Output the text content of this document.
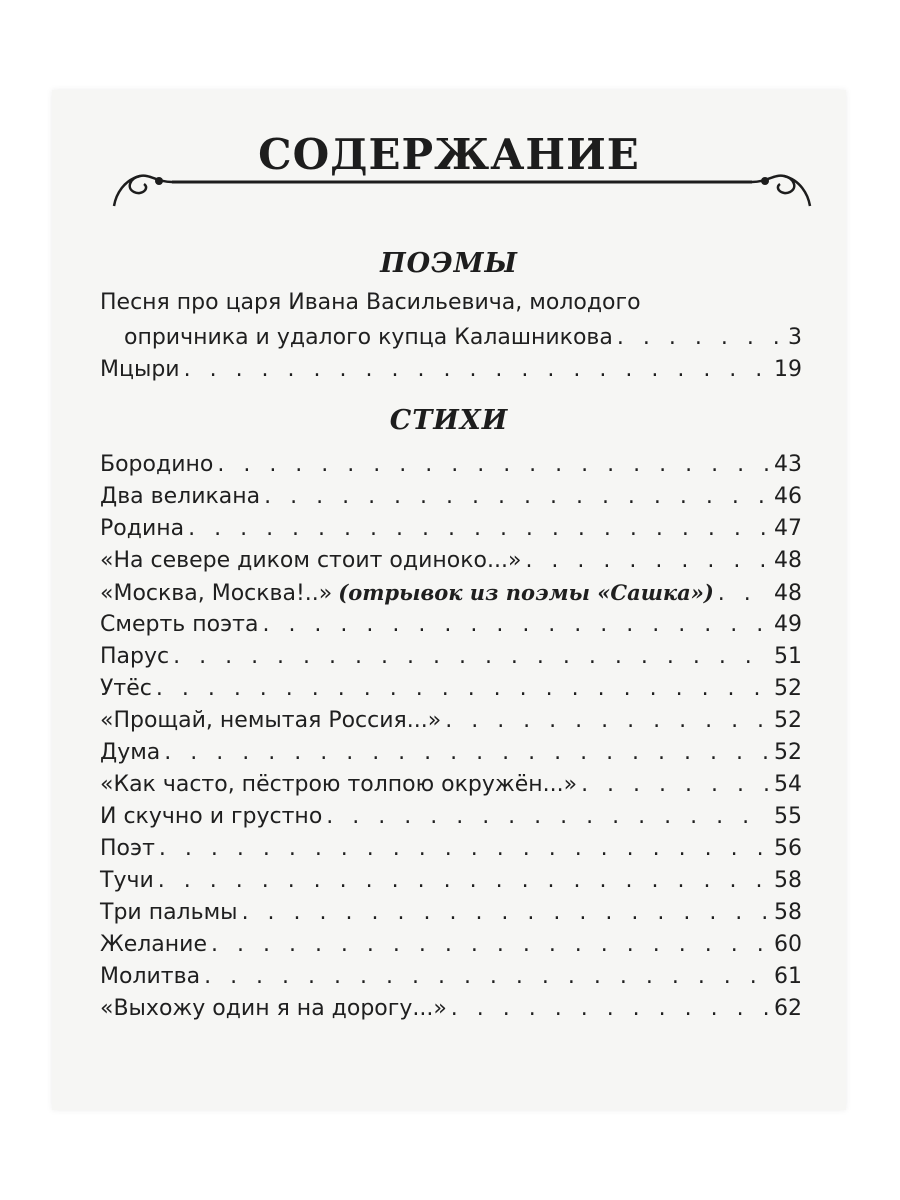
СОДЕРЖАНИЕ
ПОЭМЫ
Песня про царя Ивана Васильевича, молодого
опричника и удалого купца Калашникова . . .	3
Мцыри . . .	19
СТИХИ
Бородино . . .	43
Два великана . . .	46
Родина . . .	47
«На севере диком стоит одиноко...» . . .	48
«Москва, Москва!..» (отрывок из поэмы «Сашка») . . .	48
Смерть поэта . . .	49
Парус . . .	51
Утёс . . .	52
«Прощай, немытая Россия...» . . .	52
Дума . . .	52
«Как часто, пёстрою толпою окружён...» . . .	54
И скучно и грустно . . .	55
Поэт . . .	56
Тучи . . .	58
Три пальмы . . .	58
Желание . . .	60
Молитва . . .	61
«Выхожу один я на дорогу...» . . .	62
